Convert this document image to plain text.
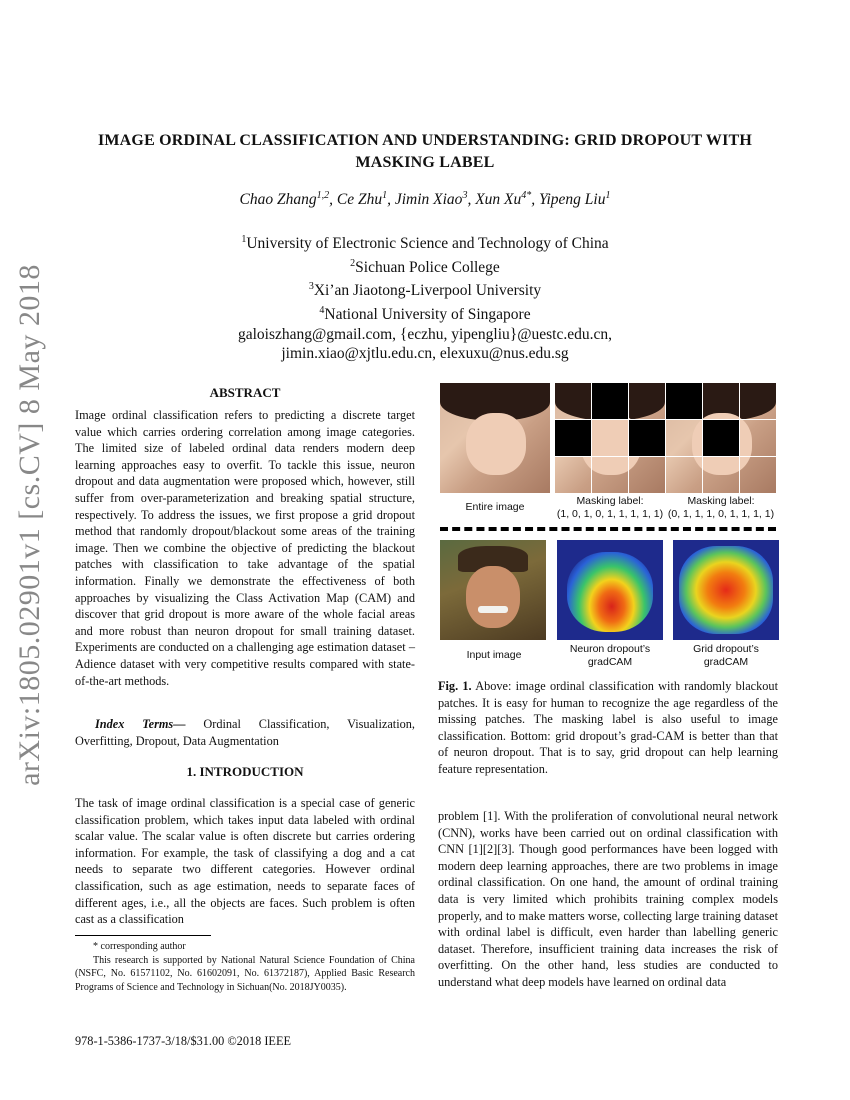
arXiv:1805.02901v1 [cs.CV] 8 May 2018
IMAGE ORDINAL CLASSIFICATION AND UNDERSTANDING: GRID DROPOUT WITH
MASKING LABEL
Chao Zhang$^{1,2}$, Ce Zhu$^1$, Jimin Xiao$^3$, Xun $Xu^{4*}$, Yipeng Liu$^1$
$^1$University of Electronic Science and Technology of China
$^2$Sichuan Police College
$^3$Xi’an Jiaotong-Liverpool University
$^4$National University of Singapore
galoiszhang@gmail.com, {eczhu, yipengliu}@uestc.edu.cn,
jimin.xiao@xjtlu.edu.cn, elexuxu@nus.edu.sg
ABSTRACT
Image ordinal classification refers to predicting a discrete target value which carries ordering correlation among image categories. The limited size of labeled ordinal data renders modern deep learning approaches easy to overfit. To tackle this issue, neuron dropout and data augmentation were proposed which, however, still suffer from over-parameterization and breaking spatial structure, respectively. To address the issues, we first propose a grid dropout method that randomly dropout/blackout some areas of the training image. Then we combine the objective of predicting the blackout patches with classification to take advantage of the spatial information. Finally we demonstrate the effectiveness of both approaches by visualizing the Class Activation Map (CAM) and discover that grid dropout is more aware of the whole facial areas and more robust than neuron dropout for small training dataset. Experiments are conducted on a challenging age estimation dataset – Adience dataset with very competitive results compared with state-of-the-art methods.
Index Terms— Ordinal Classification, Visualization, Overfitting, Dropout, Data Augmentation
1. INTRODUCTION
The task of image ordinal classification is a special case of generic classification problem, which takes input data labeled with ordinal scalar value. The scalar value is often discrete but carries ordering information. For example, the task of classifying a dog and a cat needs to separate two different categories. However ordinal classification, such as age estimation, needs to separate faces of different ages, i.e., all the objects are faces. Such problem is often cast as a classification
* corresponding author
This research is supported by National Natural Science Foundation of China (NSFC, No. 61571102, No. 61602091, No. 61372187), Applied Basic Research Programs of Science and Technology in Sichuan(No. 2018JY0035).
978-1-5386-1737-3/18/$31.00 ©2018 IEEE
Entire image	Masking label:
(1, 0, 1, 0, 1, 1, 1, 1, 1)
Masking label:
(0, 1, 1, 1, 0, 1, 1, 1, 1)
Input image	Neuron dropout’s
gradCAM
Grid dropout’s
gradCAM
Fig. 1. Above: image ordinal classification with randomly blackout patches. It is easy for human to recognize the age regardless of the missing patches. The masking label is also useful to image classification. Bottom: grid dropout’s grad-CAM is better than that of neuron dropout. That is to say, grid dropout can help learning feature representation.
problem [1]. With the proliferation of convolutional neural network (CNN), works have been carried out on ordinal classification with CNN [1][2][3]. Though good performances have been logged with modern deep learning approaches, there are two problems in image ordinal classification. On one hand, the amount of ordinal training data is very limited which prohibits training complex models properly, and to make matters worse, collecting large training dataset with ordinal label is difficult, even harder than labelling generic dataset. Therefore, insufficient training data increases the risk of overfitting. On the other hand, less studies are conducted to understand what deep models have learned on ordinal data
